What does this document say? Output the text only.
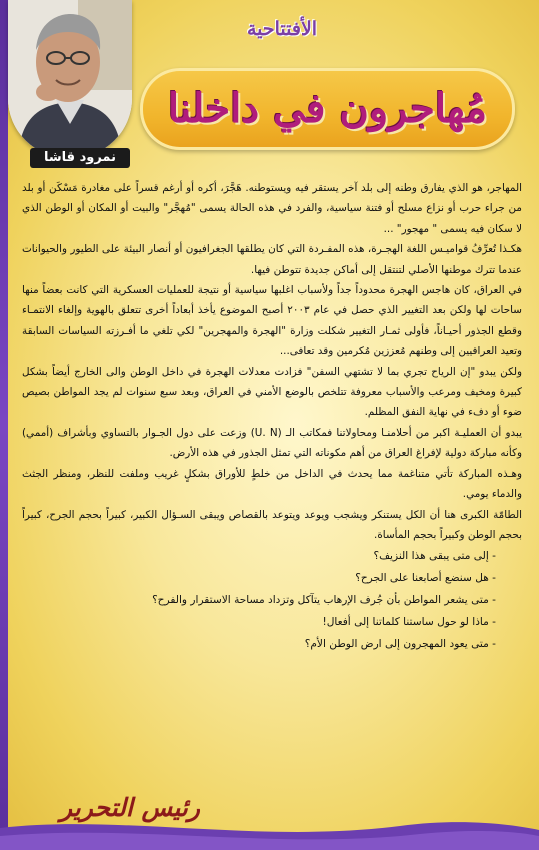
نمرود قاشا
الأفتتاحية
مُهاجرون في داخلنا

المهاجر، هو الذي يفارق وطنه إلى بلد آخر يستقر فيه ويستوطنه. هَجَّرَ، أكره أو أرغم قسراً على مغادرة مَسْكَن أو بلد من جراء حرب أو نزاع مسلح أو فتنة سياسية، والفرد في هذه الحالة يسمى "مُهجَّر" والبيت أو المكان أو الوطن الذي لا سكان فيه يسمى " مهجور" ...

هكـذا تُعرِّفُ قواميـس اللغة الهجـرة، هذه المفـردة التي كان يطلقها الجغرافيون أو أنصار البيئة على الطيور والحيوانات عندما تترك موطنها الأصلي لتنتقل إلى أماكن جديدة تتوطن فيها.

في العراق، كان هاجس الهجرة محدوداً جداً ولأسباب اغلبها سياسية أو نتيجة للعمليات العسكرية التي كانت بعضاً منها ساحات لها ولكن بعد التغيير الذي حصل في عام ٢٠٠٣ أصبح الموضوع يأخذ أبعاداً أخرى تتعلق بالهوية وإلغاء الانتمـاء وقطع الجذور أحيـاناً، فأولى ثمـار التغيير شكلت وزارة "الهجرة والمهجرين" لكي تلغي ما أفـرزته السياسات السابقة وتعيد العراقيين إلى وطنهم مُعززين مُكرمين وقد تعافى...

ولكن يبدو "إن الرياح تجري بما لا تشتهي السفن" فزادت معدلات الهجرة في داخل الوطن والى الخارج أيضاً بشكل كبيرة ومخيف ومرعب والأسباب معروفة تتلخص بالوضع الأمني في العراق، وبعد سبع سنوات لم يجد المواطن بصيص ضوء أو دفء في نهاية النفق المظلم.

يبدو أن العمليـة اكبر من أحلامنـا ومحاولاتنا فمكاتب الـ (U. N) وزعت على دول الجـوار بالتساوي وبأشراف (أممي) وكأنه مباركة دولية لإفراغ العراق من أهم مكوناته التي تمثل الجذور في هذه الأرض.

وهـذه المباركة تأتي متناغمة مما يحدث في الداخل من خلطٍ للأوراق بشكلٍ غريب وملفت للنظر، ومنظر الجثث والدماء يومي.

الطامّة الكبرى هنا أن الكل يستنكر ويشجب ويوعد ويتوعد بالقصاص ويبقى السـؤال الكبير، كبيراً بحجم الجرح، كبيراً بحجم الوطن وكبيراً بحجم المأساة.

- إلى متى يبقى هذا النزيف؟
- هل سنضع أصابعنا على الجرح؟
- متى يشعر المواطن بأن جُرف الإرهاب يتآكل وتزداد مساحة الاستقرار والفرح؟
- ماذا لو حول ساستنا كلماتنا إلى أفعال!
- متى يعود المهجرون إلى ارض الوطن الأم؟
رئيس التحرير
